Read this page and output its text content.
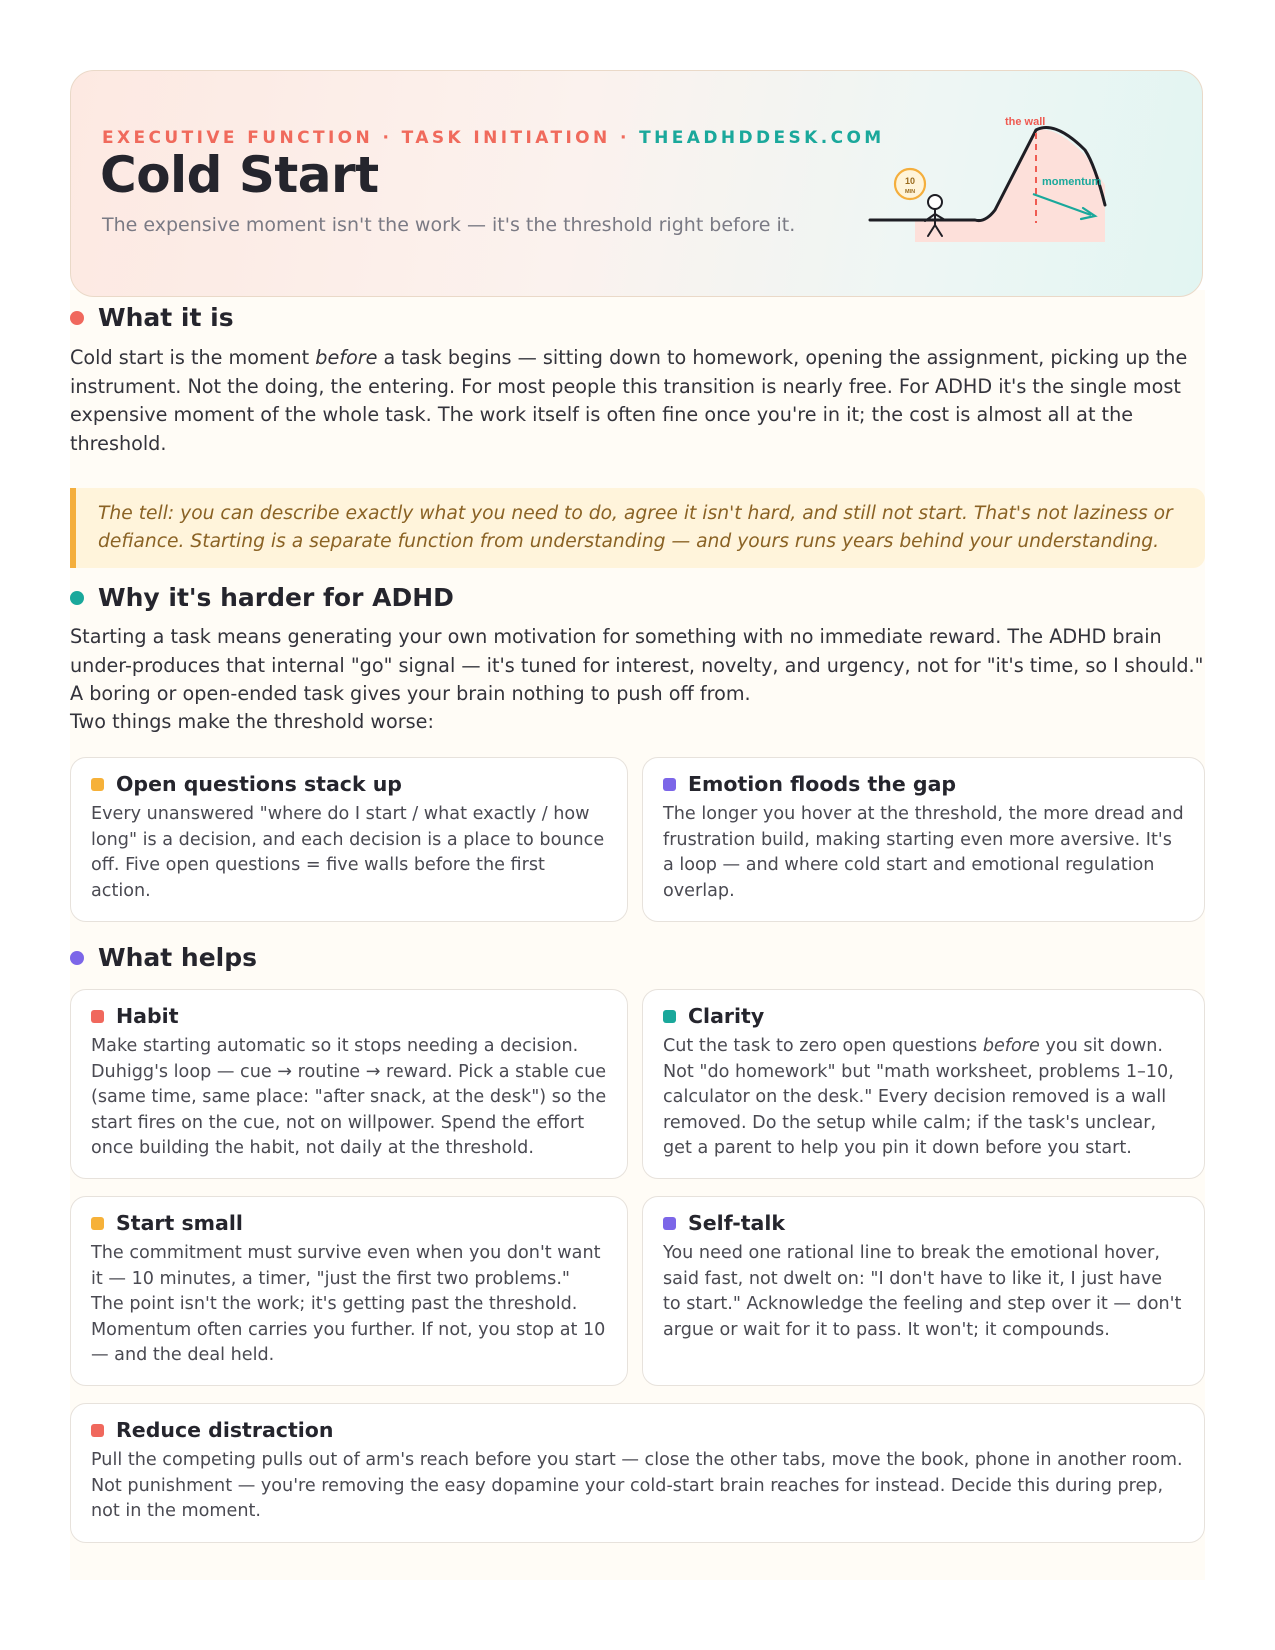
EXECUTIVE FUNCTION · TASK INITIATION · THEADHDDESK.COM
Cold Start
The expensive moment isn't the work — it's the threshold right before it.
the wall
momentum
10
MIN
What it is

Cold start is the moment before a task begins — sitting down to homework, opening the assignment, picking up the instrument. Not the doing, the entering. For most people this transition is nearly free. For ADHD it's the single most expensive moment of the whole task. The work itself is often fine once you're in it; the cost is almost all at the threshold.

The tell: you can describe exactly what you need to do, agree it isn't hard, and still not start. That's not laziness or defiance. Starting is a separate function from understanding — and yours runs years behind your understanding.

Why it's harder for ADHD

Starting a task means generating your own motivation for something with no immediate reward. The ADHD brain under-produces that internal "go" signal — it's tuned for interest, novelty, and urgency, not for "it's time, so I should." A boring or open-ended task gives your brain nothing to push off from.

Two things make the threshold worse:

Open questions stack up

Every unanswered "where do I start / what exactly / how long" is a decision, and each decision is a place to bounce off. Five open questions = five walls before the first action.

Emotion floods the gap

The longer you hover at the threshold, the more dread and frustration build, making starting even more aversive. It's a loop — and where cold start and emotional regulation overlap.

What helps
Habit

Make starting automatic so it stops needing a decision. Duhigg's loop — cue → routine → reward. Pick a stable cue (same time, same place: "after snack, at the desk") so the start fires on the cue, not on willpower. Spend the effort once building the habit, not daily at the threshold.

Clarity

Cut the task to zero open questions before you sit down. Not "do homework" but "math worksheet, problems 1–10, calculator on the desk." Every decision removed is a wall removed. Do the setup while calm; if the task's unclear, get a parent to help you pin it down before you start.

Start small

The commitment must survive even when you don't want it — 10 minutes, a timer, "just the first two problems." The point isn't the work; it's getting past the threshold. Momentum often carries you further. If not, you stop at 10 — and the deal held.

Self-talk

You need one rational line to break the emotional hover, said fast, not dwelt on: "I don't have to like it, I just have to start." Acknowledge the feeling and step over it — don't argue or wait for it to pass. It won't; it compounds.

Reduce distraction

Pull the competing pulls out of arm's reach before you start — close the other tabs, move the book, phone in another room. Not punishment — you're removing the easy dopamine your cold-start brain reaches for instead. Decide this during prep, not in the moment.
